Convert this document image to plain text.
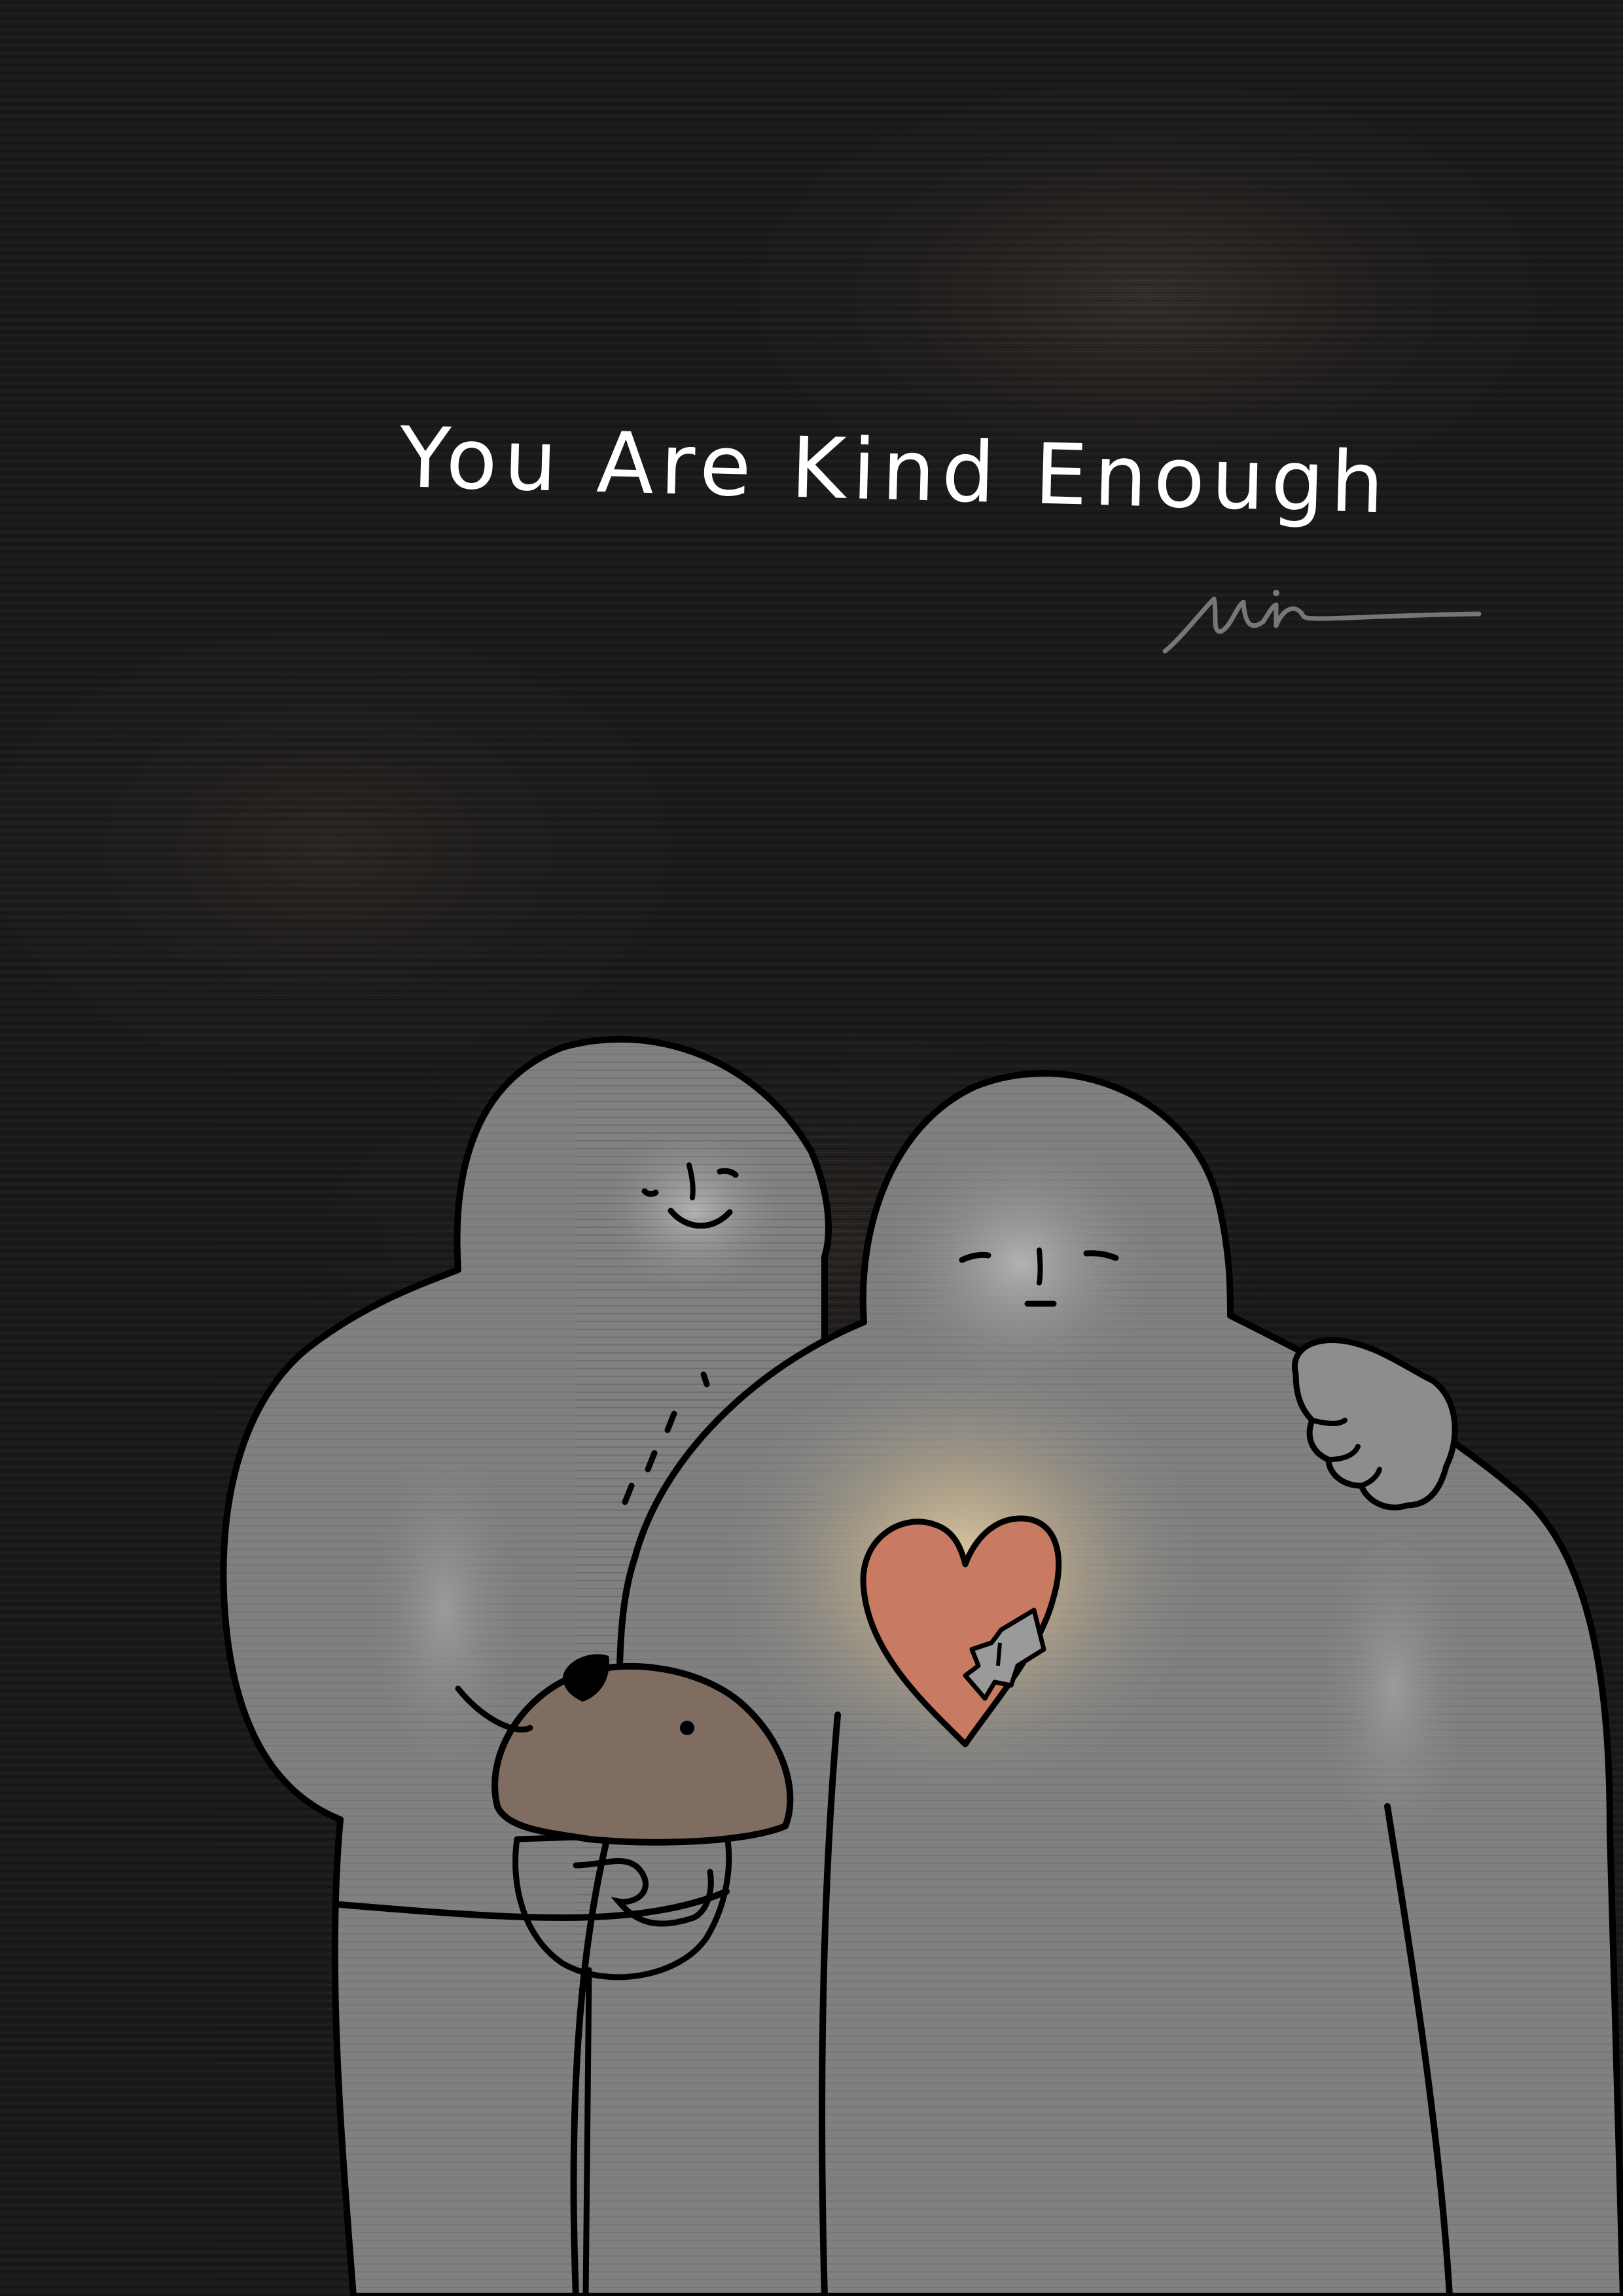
You Are Kind Enough
